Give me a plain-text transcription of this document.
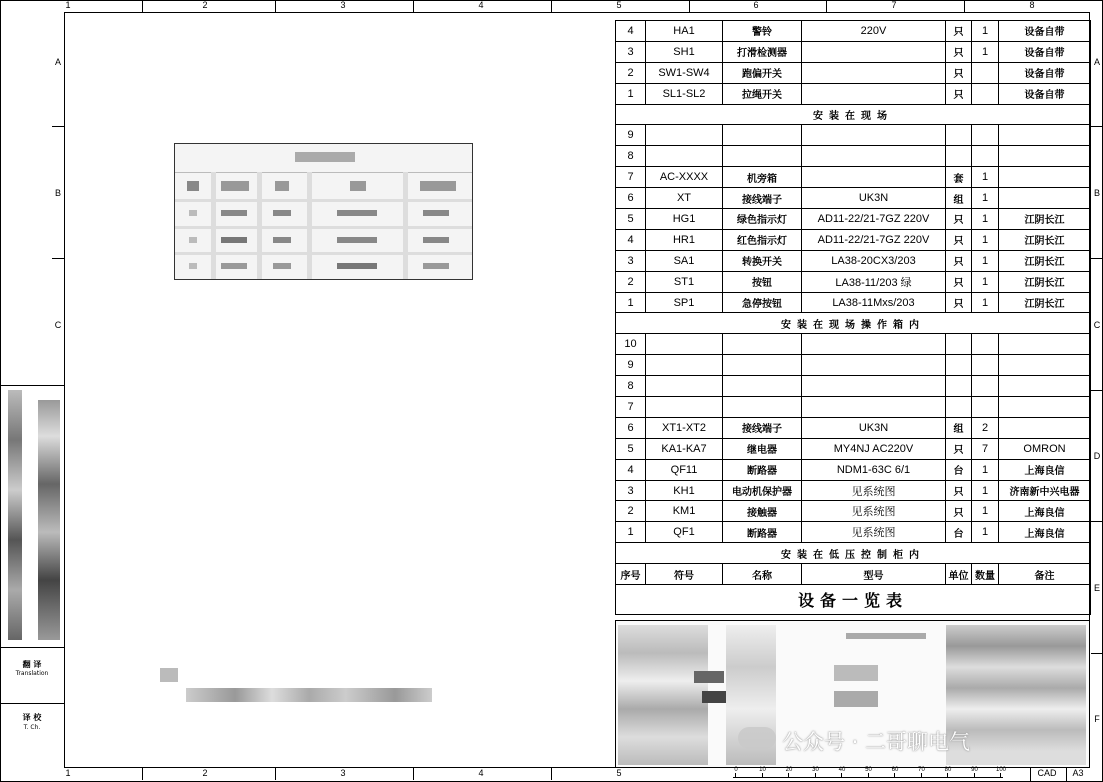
1	2	3	4	5	6	7	8
1	2	3	4	5
A
B
C
A
B
C
D
E
F
翻 译
Translation
译 校
T. Ch.
4	HA1	警铃	220V	只	1	设备自带
3	SH1	打滑检测器		只	1	设备自带
2	SW1-SW4	跑偏开关		只		设备自带
1	SL1-SL2	拉绳开关		只		设备自带
安装在现场						
9						
8						
7	AC-XXXX	机旁箱		套	1	
6	XT	接线端子	UK3N	组	1	
5	HG1	绿色指示灯	AD11-22/21-7GZ 220V	只	1	江阴长江
4	HR1	红色指示灯	AD11-22/21-7GZ 220V	只	1	江阴长江
3	SA1	转换开关	LA38-20CX3/203	只	1	江阴长江
2	ST1	按钮	LA38-11/203 绿	只	1	江阴长江
1	SP1	急停按钮	LA38-11Mxs/203	只	1	江阴长江
安装在现场操作箱内						
10						
9						
8						
7						
6	XT1-XT2	接线端子	UK3N	组	2	
5	KA1-KA7	继电器	MY4NJ AC220V	只	7	OMRON
4	QF11	断路器	NDM1-63C 6/1	台	1	上海良信
3	KH1	电动机保护器	见系统图	只	1	济南新中兴电器
2	KM1	接触器	见系统图	只	1	上海良信
1	QF1	断路器	见系统图	台	1	上海良信
安装在低压控制柜内						
序号	符号	名称	型号	单位	数量	备注
设备一览表						
公众号 · 二哥聊电气
0	10	20	30	40	50	60	70	80	90	100	CAD	A3
